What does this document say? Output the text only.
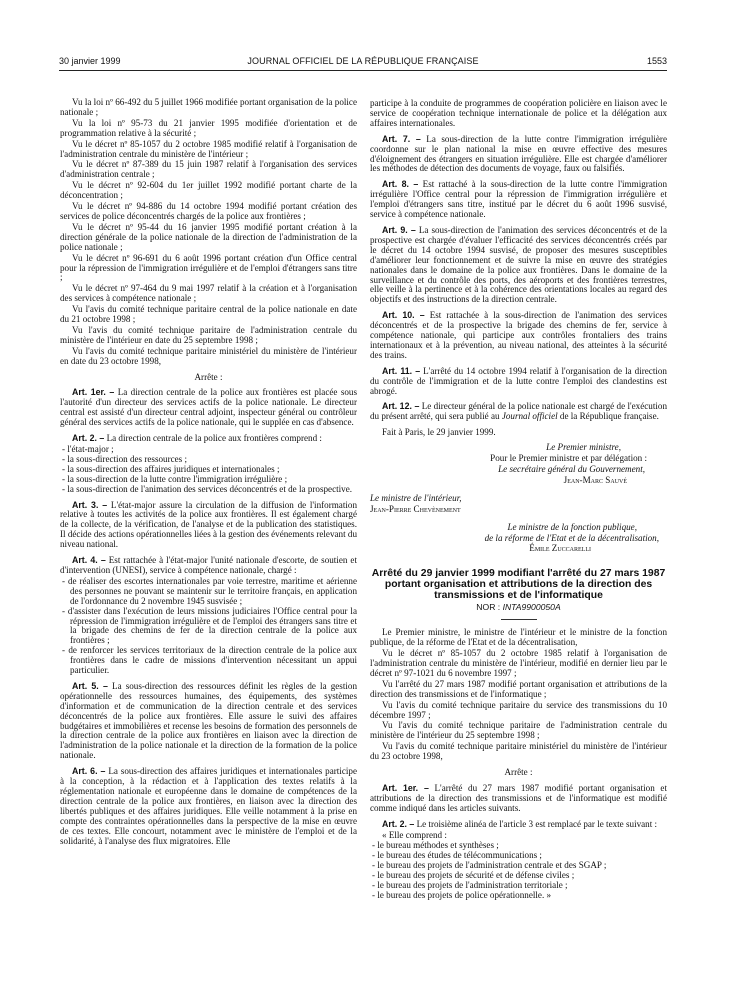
30 janvier 1999	JOURNAL OFFICIEL DE LA RÉPUBLIQUE FRANÇAISE	1553

Vu la loi nº 66-492 du 5 juillet 1966 modifiée portant organisation de la police nationale ;

Vu la loi nº 95-73 du 21 janvier 1995 modifiée d'orientation et de programmation relative à la sécurité ;

Vu le décret nº 85-1057 du 2 octobre 1985 modifié relatif à l'organisation de l'administration centrale du ministère de l'intérieur ;

Vu le décret nº 87-389 du 15 juin 1987 relatif à l'organisation des services d'administration centrale ;

Vu le décret nº 92-604 du 1er juillet 1992 modifié portant charte de la déconcentration ;

Vu le décret nº 94-886 du 14 octobre 1994 modifié portant création des services de police déconcentrés chargés de la police aux frontières ;

Vu le décret nº 95-44 du 16 janvier 1995 modifié portant création à la direction générale de la police nationale de la direction de l'administration de la police nationale ;

Vu le décret nº 96-691 du 6 août 1996 portant création d'un Office central pour la répression de l'immigration irrégulière et de l'emploi d'étrangers sans titre ;

Vu le décret nº 97-464 du 9 mai 1997 relatif à la création et à l'organisation des services à compétence nationale ;

Vu l'avis du comité technique paritaire central de la police nationale en date du 21 octobre 1998 ;

Vu l'avis du comité technique paritaire de l'administration centrale du ministère de l'intérieur en date du 25 septembre 1998 ;

Vu l'avis du comité technique paritaire ministériel du ministère de l'intérieur en date du 23 octobre 1998,

Arrête :

Art. 1er. – La direction centrale de la police aux frontières est placée sous l'autorité d'un directeur des services actifs de la police nationale. Le directeur central est assisté d'un directeur central adjoint, inspecteur général ou contrôleur général des services actifs de la police nationale, qui le supplée en cas d'absence.

Art. 2. – La direction centrale de la police aux frontières comprend :

- l'état-major ;
- la sous-direction des ressources ;
- la sous-direction des affaires juridiques et internationales ;
- la sous-direction de la lutte contre l'immigration irrégulière ;
- la sous-direction de l'animation des services déconcentrés et de la prospective.

Art. 3. – L'état-major assure la circulation de la diffusion de l'information relative à toutes les activités de la police aux frontières. Il est également chargé de la collecte, de la vérification, de l'analyse et de la publication des statistiques. Il décide des actions opérationnelles liées à la gestion des événements relevant du niveau national.

Art. 4. – Est rattachée à l'état-major l'unité nationale d'escorte, de soutien et d'intervention (UNESI), service à compétence nationale, chargé :

- de réaliser des escortes internationales par voie terrestre, maritime et aérienne des personnes ne pouvant se maintenir sur le territoire français, en application de l'ordonnance du 2 novembre 1945 susvisée ;
- d'assister dans l'exécution de leurs missions judiciaires l'Office central pour la répression de l'immigration irrégulière et de l'emploi des étrangers sans titre et la brigade des chemins de fer de la direction centrale de la police aux frontières ;
- de renforcer les services territoriaux de la direction centrale de la police aux frontières dans le cadre de missions d'intervention nécessitant un appui particulier.

Art. 5. – La sous-direction des ressources définit les règles de la gestion opérationnelle des ressources humaines, des équipements, des systèmes d'information et de communication de la direction centrale et des services déconcentrés de la police aux frontières. Elle assure le suivi des affaires budgétaires et immobilières et recense les besoins de formation des personnels de la direction centrale de la police aux frontières en liaison avec la direction de l'administration de la police nationale et la direction de la formation de la police nationale.

Art. 6. – La sous-direction des affaires juridiques et internationales participe à la conception, à la rédaction et à l'application des textes relatifs à la réglementation nationale et européenne dans le domaine de compétences de la direction centrale de la police aux frontières, en liaison avec la direction des libertés publiques et des affaires juridiques. Elle veille notamment à la prise en compte des contraintes opérationnelles dans la perspective de la mise en œuvre de ces textes. Elle concourt, notamment avec le ministère de l'emploi et de la solidarité, à l'analyse des flux migratoires. Elle

participe à la conduite de programmes de coopération policière en liaison avec le service de coopération technique internationale de police et la délégation aux affaires internationales.

Art. 7. – La sous-direction de la lutte contre l'immigration irrégulière coordonne sur le plan national la mise en œuvre effective des mesures d'éloignement des étrangers en situation irrégulière. Elle est chargée d'améliorer les méthodes de détection des documents de voyage, faux ou falsifiés.

Art. 8. – Est rattaché à la sous-direction de la lutte contre l'immigration irrégulière l'Office central pour la répression de l'immigration irrégulière et l'emploi d'étrangers sans titre, institué par le décret du 6 août 1996 susvisé, service à compétence nationale.

Art. 9. – La sous-direction de l'animation des services déconcentrés et de la prospective est chargée d'évaluer l'efficacité des services déconcentrés créés par le décret du 14 octobre 1994 susvisé, de proposer des mesures susceptibles d'améliorer leur fonctionnement et de suivre la mise en œuvre des stratégies nationales dans le domaine de la police aux frontières. Dans le domaine de la surveillance et du contrôle des ports, des aéroports et des frontières terrestres, elle veille à la pertinence et à la cohérence des orientations locales au regard des objectifs et des instructions de la direction centrale.

Art. 10. – Est rattachée à la sous-direction de l'animation des services déconcentrés et de la prospective la brigade des chemins de fer, service à compétence nationale, qui participe aux contrôles frontaliers des trains internationaux et à la prévention, au niveau national, des atteintes à la sécurité des trains.

Art. 11. – L'arrêté du 14 octobre 1994 relatif à l'organisation de la direction du contrôle de l'immigration et de la lutte contre l'emploi des clandestins est abrogé.

Art. 12. – Le directeur général de la police nationale est chargé de l'exécution du présent arrêté, qui sera publié au Journal officiel de la République française.

Fait à Paris, le 29 janvier 1999.

Le Premier ministre,

Pour le Premier ministre et par délégation :

Le secrétaire général du Gouvernement,

Jean-Marc Sauvé

Le ministre de l'intérieur,

Jean-Pierre Chevènement

Le ministre de la fonction publique,

de la réforme de l'Etat et de la décentralisation,

Émile Zuccarelli

Arrêté du 29 janvier 1999 modifiant l'arrêté du 27 mars 1987 portant organisation et attributions de la direction des transmissions et de l'informatique
NOR : INTA9900050A

Le Premier ministre, le ministre de l'intérieur et le ministre de la fonction publique, de la réforme de l'Etat et de la décentralisation,

Vu le décret nº 85-1057 du 2 octobre 1985 relatif à l'organisation de l'administration centrale du ministère de l'intérieur, modifié en dernier lieu par le décret nº 97-1021 du 6 novembre 1997 ;

Vu l'arrêté du 27 mars 1987 modifié portant organisation et attributions de la direction des transmissions et de l'informatique ;

Vu l'avis du comité technique paritaire du service des transmissions du 10 décembre 1997 ;

Vu l'avis du comité technique paritaire de l'administration centrale du ministère de l'intérieur du 25 septembre 1998 ;

Vu l'avis du comité technique paritaire ministériel du ministère de l'intérieur du 23 octobre 1998,

Arrête :

Art. 1er. – L'arrêté du 27 mars 1987 modifié portant organisation et attributions de la direction des transmissions et de l'informatique est modifié comme indiqué dans les articles suivants.

Art. 2. – Le troisième alinéa de l'article 3 est remplacé par le texte suivant :

« Elle comprend :

- le bureau méthodes et synthèses ;
- le bureau des études de télécommunications ;
- le bureau des projets de l'administration centrale et des SGAP ;
- le bureau des projets de sécurité et de défense civiles ;
- le bureau des projets de l'administration territoriale ;
- le bureau des projets de police opérationnelle. »
